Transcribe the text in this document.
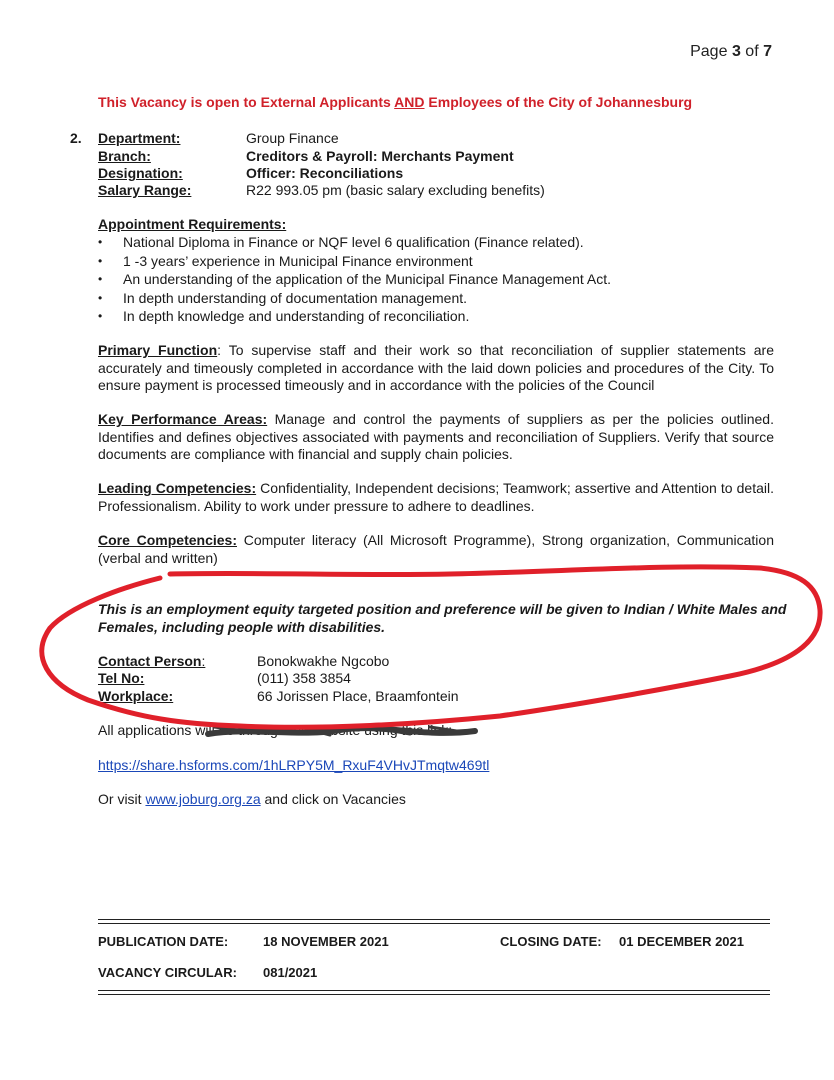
Page 3 of 7
This Vacancy is open to External Applicants AND Employees of the City of Johannesburg
2. Department:	Group Finance
Branch:	Creditors & Payroll: Merchants Payment
Designation:	Officer: Reconciliations
Salary Range:	R22 993.05 pm (basic salary excluding benefits)
Appointment Requirements:
• National Diploma in Finance or NQF level 6 qualification (Finance related).
• 1 -3 years’ experience in Municipal Finance environment
• An understanding of the application of the Municipal Finance Management Act.
• In depth understanding of documentation management.
• In depth knowledge and understanding of reconciliation.
Primary Function: To supervise staff and their work so that reconciliation of supplier statements are accurately and timeously completed in accordance with the laid down policies and procedures of the City. To ensure payment is processed timeously and in accordance with the policies of the Council
Key Performance Areas: Manage and control the payments of suppliers as per the policies outlined. Identifies and defines objectives associated with payments and reconciliation of Suppliers. Verify that source documents are compliance with financial and supply chain policies.
Leading Competencies: Confidentiality, Independent decisions; Teamwork; assertive and Attention to detail. Professionalism. Ability to work under pressure to adhere to deadlines.
Core Competencies: Computer literacy (All Microsoft Programme), Strong organization, Communication (verbal and written)
This is an employment equity targeted position and preference will be given to Indian / White Males and Females, including people with disabilities.
Contact Person:	Bonokwakhe Ngcobo
Tel No:	(011) 358 3854
Workplace:	66 Jorissen Place, Braamfontein
All applications will be through the website using this link:
https://share.hsforms.com/1hLRPY5M_RxuF4VHvJTmqtw469tl
Or visit www.joburg.org.za and click on Vacancies
PUBLICATION DATE:	18 NOVEMBER 2021	CLOSING DATE: 01 DECEMBER 2021
VACANCY CIRCULAR: 081/2021
